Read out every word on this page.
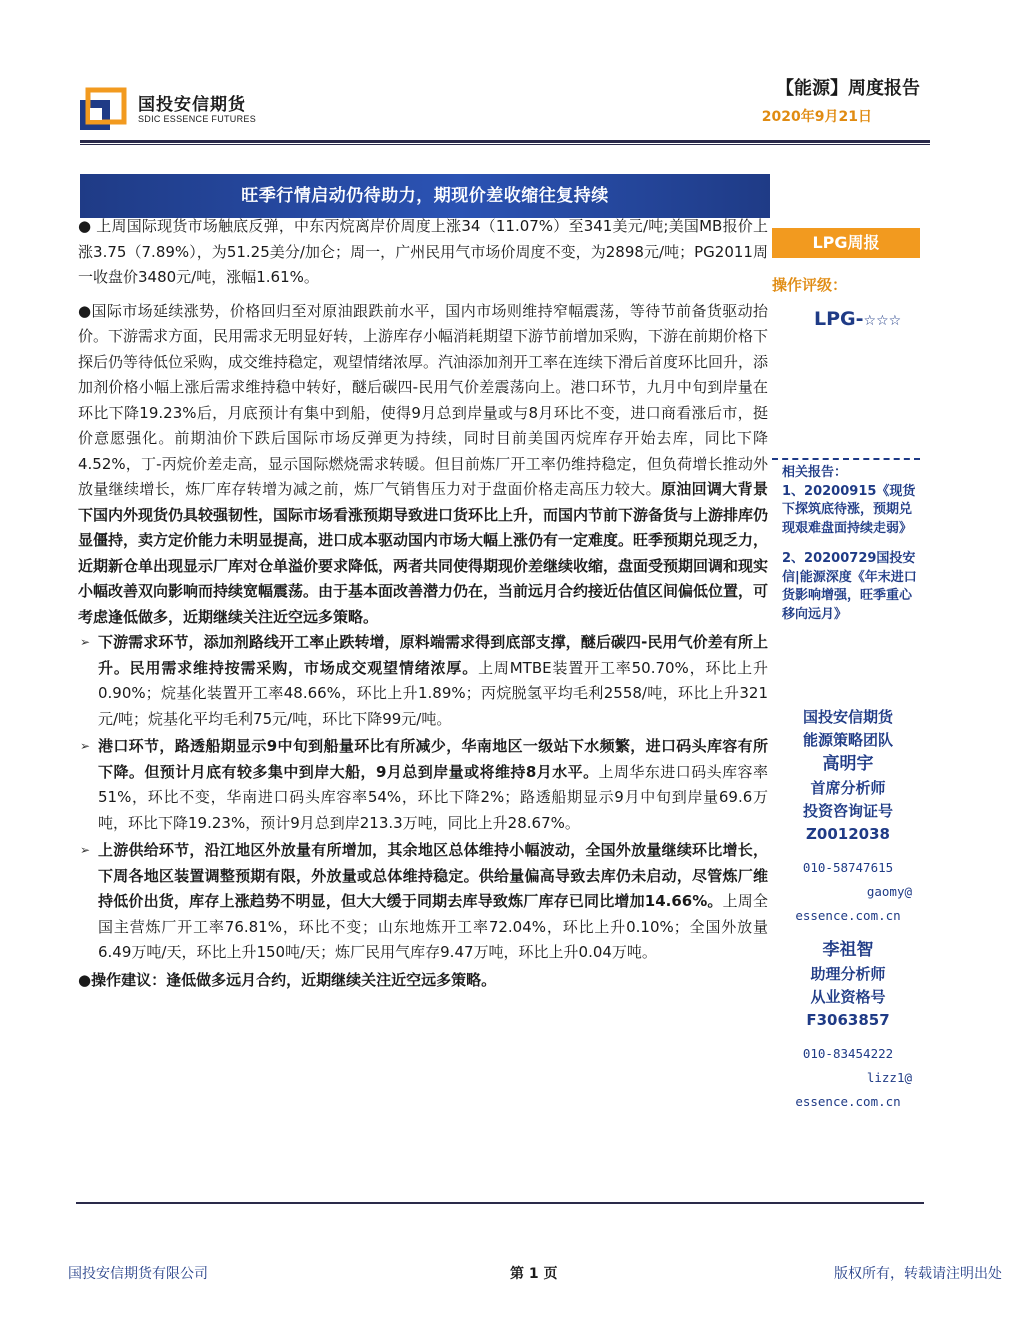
国投安信期货
SDIC ESSENCE FUTURES
【能源】周度报告
2020年9月21日
旺季行情启动仍待助力，期现价差收缩往复持续

● 上周国际现货市场触底反弹，中东丙烷离岸价周度上涨34（11.07%）至341美元/吨;美国MB报价上涨3.75（7.89%），为51.25美分/加仑；周一，广州民用气市场价周度不变，为2898元/吨；PG2011周一收盘价3480元/吨，涨幅1.61%。

●国际市场延续涨势，价格回归至对原油跟跌前水平，国内市场则维持窄幅震荡，等待节前备货驱动抬价。下游需求方面，民用需求无明显好转，上游库存小幅消耗期望下游节前增加采购，下游在前期价格下探后仍等待低位采购，成交维持稳定，观望情绪浓厚。汽油添加剂开工率在连续下滑后首度环比回升，添加剂价格小幅上涨后需求维持稳中转好，醚后碳四-民用气价差震荡向上。港口环节，九月中旬到岸量在环比下降19.23%后，月底预计有集中到船，使得9月总到岸量或与8月环比不变，进口商看涨后市，挺价意愿强化。前期油价下跌后国际市场反弹更为持续，同时目前美国丙烷库存开始去库，同比下降4.52%，丁-丙烷价差走高，显示国际燃烧需求转暖。但目前炼厂开工率仍维持稳定，但负荷增长推动外放量继续增长，炼厂库存转增为减之前，炼厂气销售压力对于盘面价格走高压力较大。原油回调大背景下国内外现货仍具较强韧性，国际市场看涨预期导致进口货环比上升，而国内节前下游备货与上游排库仍显僵持，卖方定价能力未明显提高，进口成本驱动国内市场大幅上涨仍有一定难度。旺季预期兑现乏力，近期新仓单出现显示厂库对仓单溢价要求降低，两者共同使得期现价差继续收缩，盘面受预期回调和现实小幅改善双向影响而持续宽幅震荡。由于基本面改善潜力仍在，当前远月合约接近估值区间偏低位置，可考虑逢低做多，近期继续关注近空远多策略。

➢ 下游需求环节，添加剂路线开工率止跌转增，原料端需求得到底部支撑，醚后碳四-民用气价差有所上升。民用需求维持按需采购，市场成交观望情绪浓厚。上周MTBE装置开工率50.70%，环比上升0.90%；烷基化装置开工率48.66%，环比上升1.89%；丙烷脱氢平均毛利2558/吨，环比上升321元/吨；烷基化平均毛利75元/吨，环比下降99元/吨。
➢ 港口环节，路透船期显示9中旬到船量环比有所减少，华南地区一级站下水频繁，进口码头库容有所下降。但预计月底有较多集中到岸大船，9月总到岸量或将维持8月水平。上周华东进口码头库容率51%，环比不变，华南进口码头库容率54%，环比下降2%；路透船期显示9月中旬到岸量69.6万吨，环比下降19.23%，预计9月总到岸213.3万吨，同比上升28.67%。
➢ 上游供给环节，沿江地区外放量有所增加，其余地区总体维持小幅波动，全国外放量继续环比增长，下周各地区装置调整预期有限，外放量或总体维持稳定。供给量偏高导致去库仍未启动，尽管炼厂维持低价出货，库存上涨趋势不明显，但大大缓于同期去库导致炼厂库存已同比增加14.66%。上周全国主营炼厂开工率76.81%，环比不变；山东地炼开工率72.04%，环比上升0.10%；全国外放量6.49万吨/天，环比上升150吨/天；炼厂民用气库存9.47万吨，环比上升0.04万吨。

●操作建议：逢低做多远月合约，近期继续关注近空远多策略。

LPG周报
操作评级：
LPG-☆☆☆
相关报告：
1、20200915《现货下探筑底待涨，预期兑现艰难盘面持续走弱》
2、20200729国投安信|能源深度《年末进口货影响增强，旺季重心移向远月》
国投安信期货
能源策略团队
高明宇
首席分析师
投资咨询证号
Z0012038
010-58747615
gaomy@
essence.com.cn
李祖智
助理分析师
从业资格号
F3063857
010-83454222
lizz1@
essence.com.cn
国投安信期货有限公司	第 1 页	版权所有，转载请注明出处
